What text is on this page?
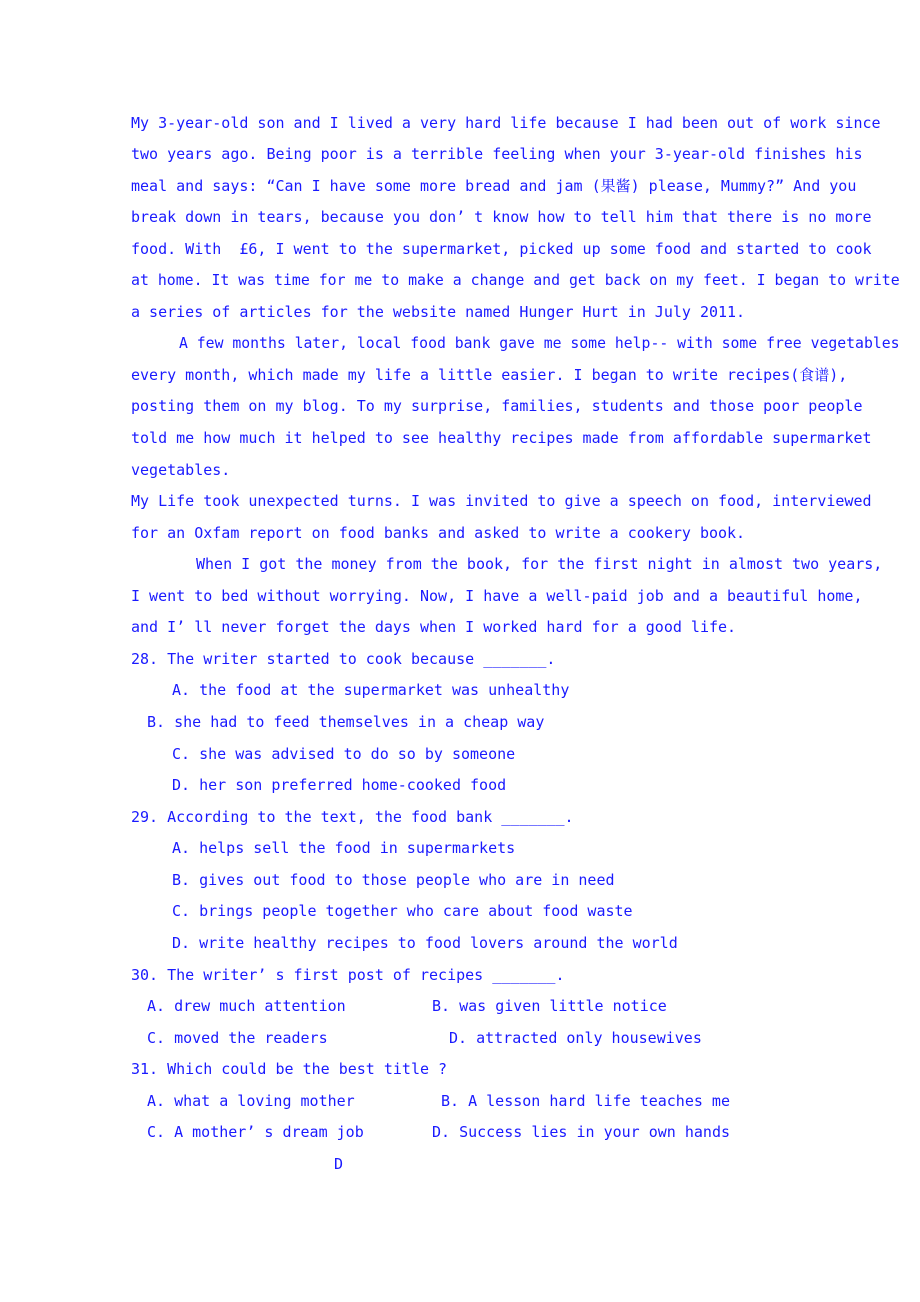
My 3-year-old son and I lived a very hard life because I had been out of work since
two years ago. Being poor is a terrible feeling when your 3-year-old finishes his
meal and says: “Can I have some more bread and jam (果酱) please, Mummy?” And you
break down in tears, because you don’ t know how to tell him that there is no more
food. With  £6, I went to the supermarket, picked up some food and started to cook
at home. It was time for me to make a change and get back on my feet. I began to write
a series of articles for the website named Hunger Hurt in July 2011.
A few months later, local food bank gave me some help-- with some free vegetables
every month, which made my life a little easier. I began to write recipes(食谱),
posting them on my blog. To my surprise, families, students and those poor people
told me how much it helped to see healthy recipes made from affordable supermarket
vegetables.
My Life took unexpected turns. I was invited to give a speech on food, interviewed
for an Oxfam report on food banks and asked to write a cookery book.
When I got the money from the book, for the first night in almost two years,
I went to bed without worrying. Now, I have a well-paid job and a beautiful home,
and I’ ll never forget the days when I worked hard for a good life.
28. The writer started to cook because _______.
A. the food at the supermarket was unhealthy
B. she had to feed themselves in a cheap way
C. she was advised to do so by someone
D. her son preferred home-cooked food
29. According to the text, the food bank _______.
A. helps sell the food in supermarkets
B. gives out food to those people who are in need
C. brings people together who care about food waste
D. write healthy recipes to food lovers around the world
30. The writer’ s first post of recipes _______.
A. drew much attention	B. was given little notice
C. moved the readers	D. attracted only housewives
31. Which could be the best title ?
A. what a loving mother	B. A lesson hard life teaches me
C. A mother’ s dream job	D. Success lies in your own hands
D
